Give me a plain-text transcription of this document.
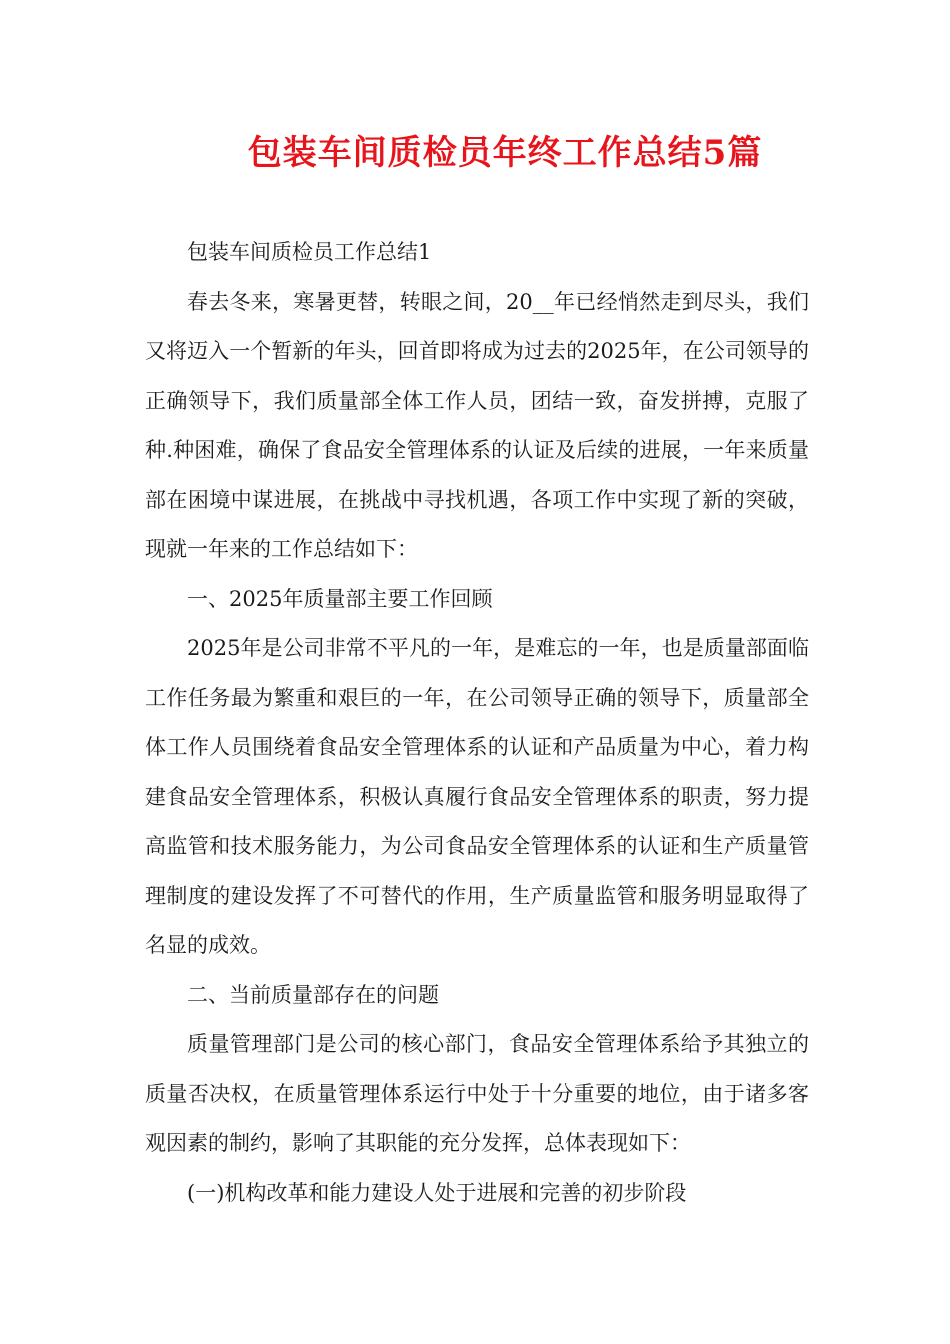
包装车间质检员年终工作总结5篇

包装车间质检员工作总结1

春去冬来，寒暑更替，转眼之间，20__年已经悄然走到尽头，我们又将迈入一个暂新的年头，回首即将成为过去的2025年，在公司领导的正确领导下，我们质量部全体工作人员，团结一致，奋发拼搏，克服了种.种困难，确保了食品安全管理体系的认证及后续的进展，一年来质量部在困境中谋进展，在挑战中寻找机遇，各项工作中实现了新的突破，现就一年来的工作总结如下：

一、2025年质量部主要工作回顾

2025年是公司非常不平凡的一年，是难忘的一年，也是质量部面临工作任务最为繁重和艰巨的一年，在公司领导正确的领导下，质量部全体工作人员围绕着食品安全管理体系的认证和产品质量为中心，着力构建食品安全管理体系，积极认真履行食品安全管理体系的职责，努力提高监管和技术服务能力，为公司食品安全管理体系的认证和生产质量管理制度的建设发挥了不可替代的作用，生产质量监管和服务明显取得了名显的成效。

二、当前质量部存在的问题

质量管理部门是公司的核心部门，食品安全管理体系给予其独立的质量否决权，在质量管理体系运行中处于十分重要的地位，由于诸多客观因素的制约，影响了其职能的充分发挥，总体表现如下：

(一)机构改革和能力建设人处于进展和完善的初步阶段
